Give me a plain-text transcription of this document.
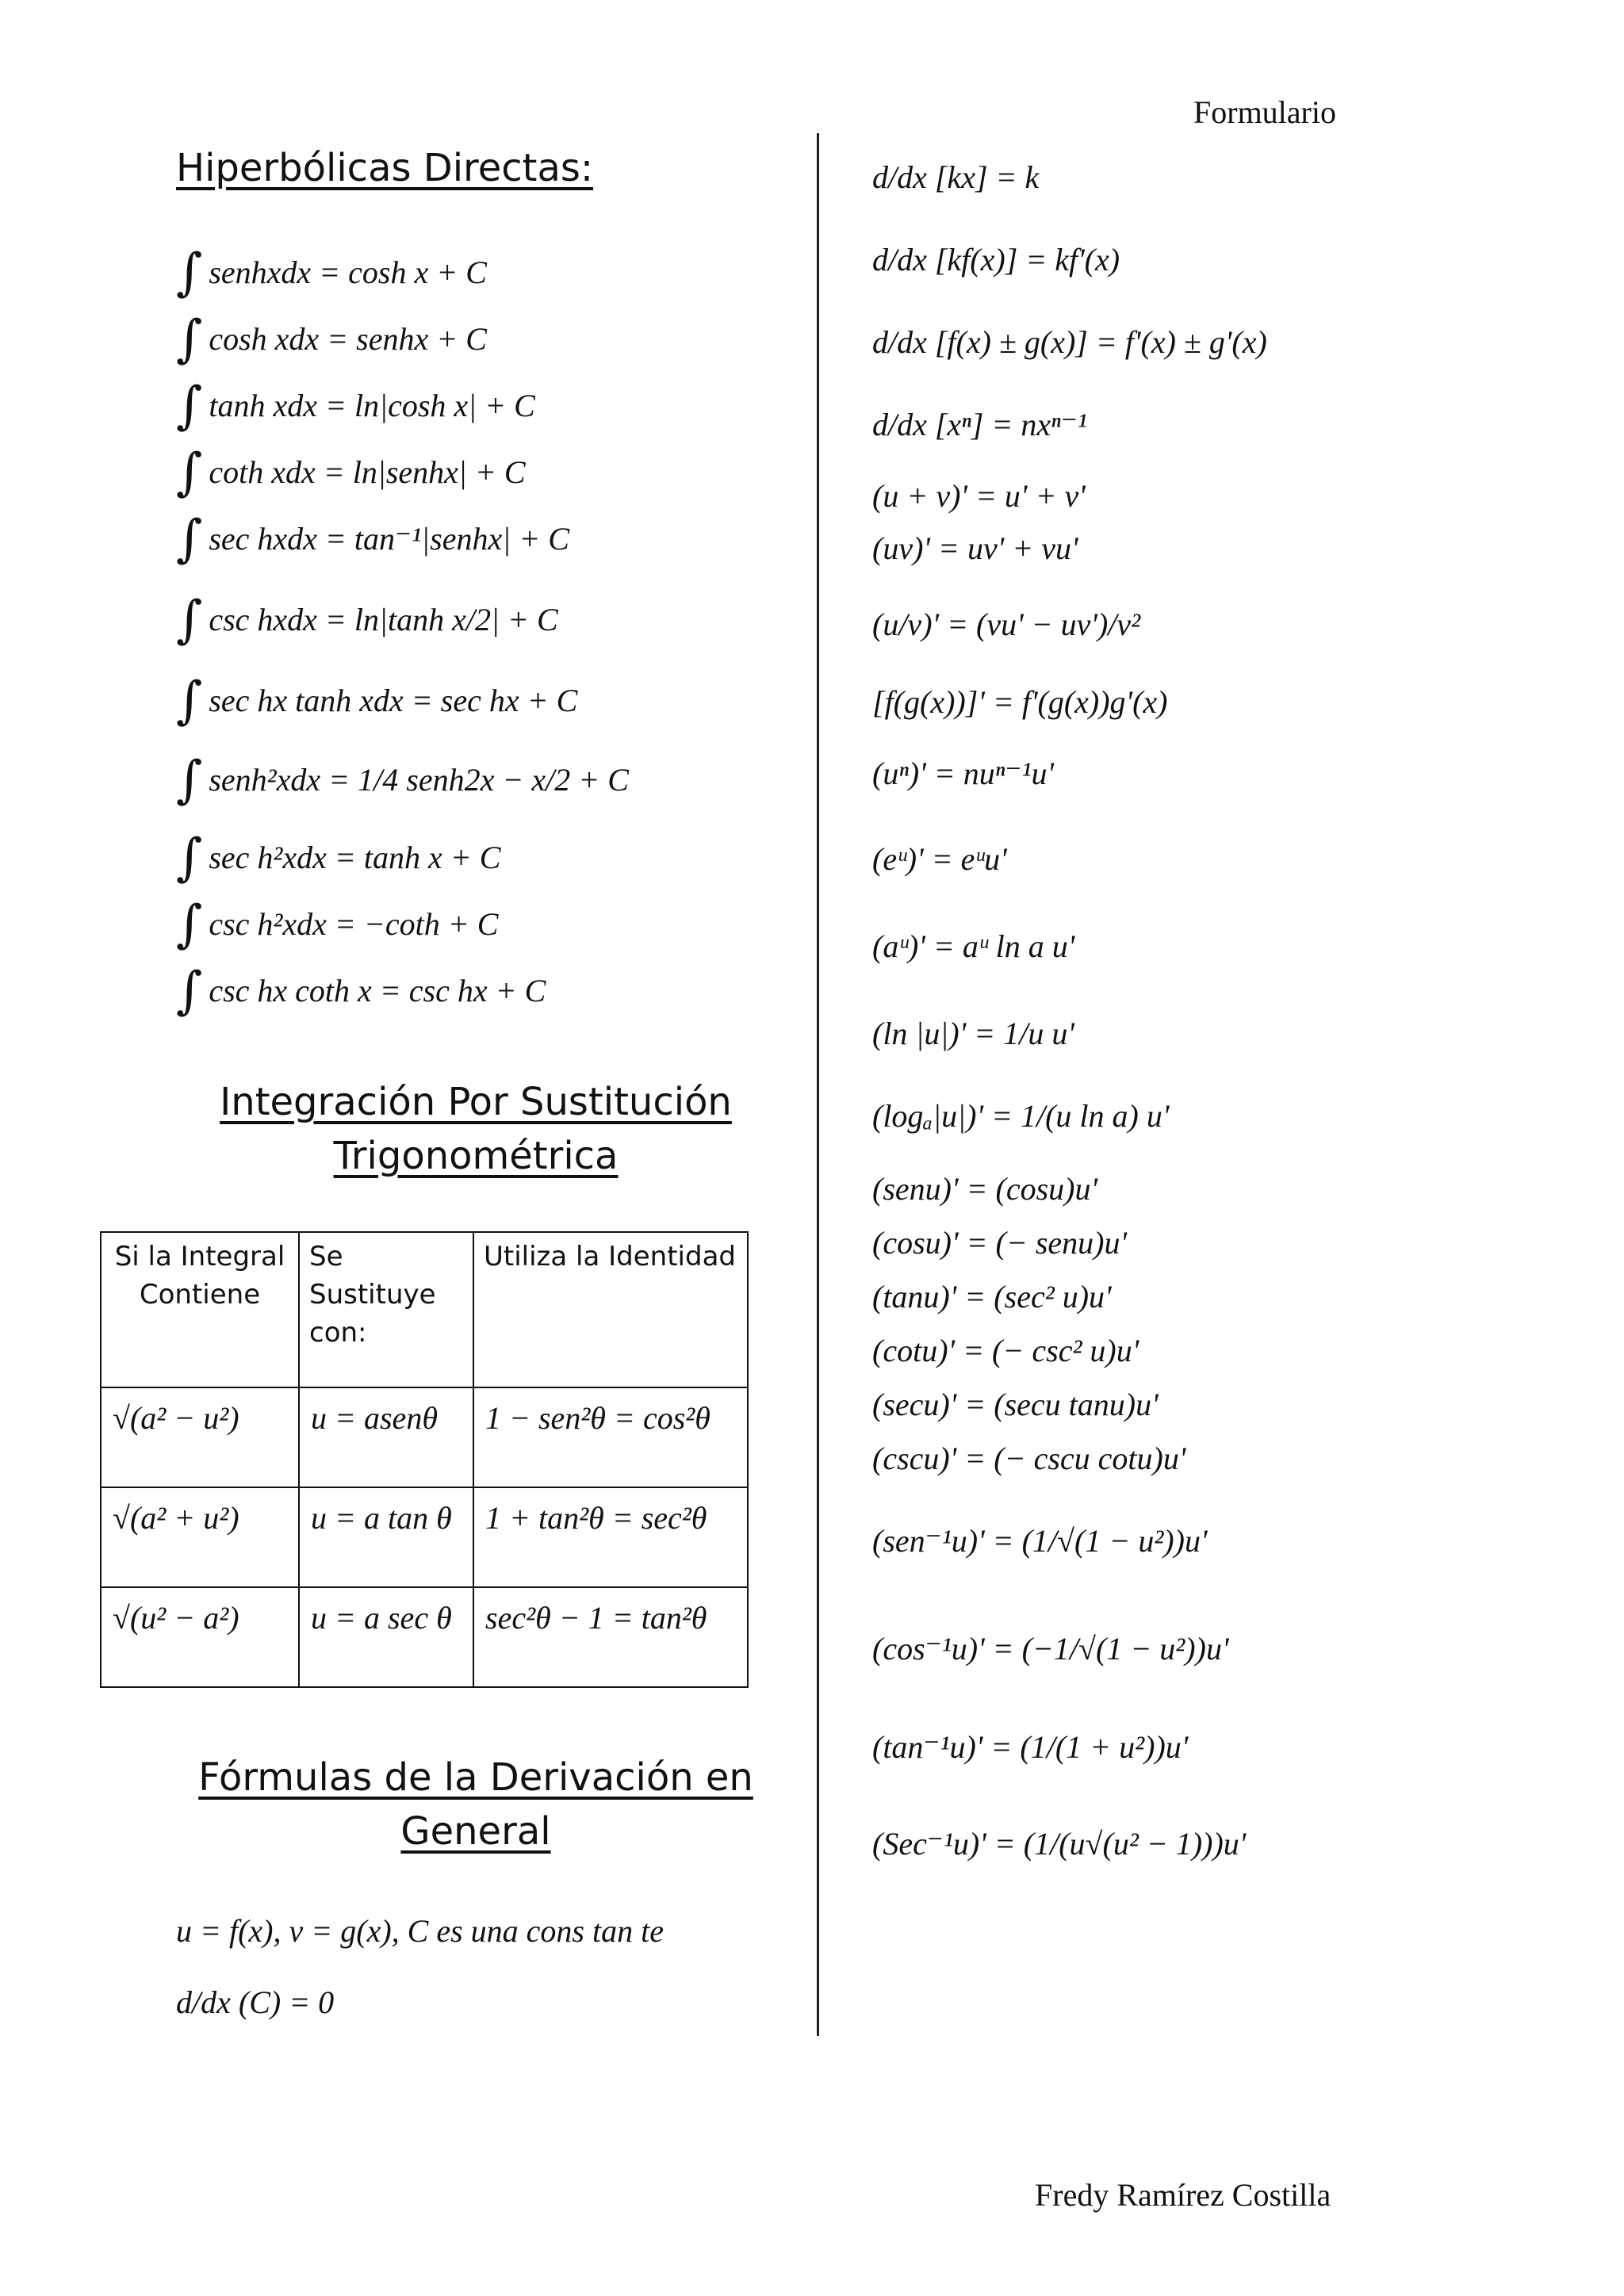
Formulario
Hiperbólicas Directas:
∫ senhxdx = cosh x + C
∫ cosh xdx = senhx + C
∫ tanh xdx = ln|cosh x| + C
∫ coth xdx = ln|senhx| + C
∫ sec hxdx = tan⁻¹|senhx| + C
∫ csc hxdx = ln|tanh x/2| + C
∫ sec hx tanh xdx = sec hx + C
∫ senh²xdx = 1/4 senh2x − x/2 + C
∫ sec h²xdx = tanh x + C
∫ csc h²xdx = −coth + C
∫ csc hx coth x = csc hx + C
Integración Por Sustitución Trigonométrica
Si la Integral Contiene	Se Sustituye con:	Utiliza la Identidad

√(a² − u²)	u = asenθ	1 − sen²θ = cos²θ

√(a² + u²)	u = a tan θ	1 + tan²θ = sec²θ

√(u² − a²)	u = a sec θ	sec²θ − 1 = tan²θ
Fórmulas de la Derivación en General
u = f(x), v = g(x), C es una cons tan te
d/dx (C) = 0
d/dx [kx] = k
d/dx [kf(x)] = kf'(x)
d/dx [f(x) ± g(x)] = f'(x) ± g'(x)
d/dx [xⁿ] = nxⁿ⁻¹
(u + v)' = u' + v'
(uv)' = uv' + vu'
(u/v)' = (vu' − uv')/v²
[f(g(x))]' = f'(g(x))g'(x)
(uⁿ)' = nuⁿ⁻¹u'
(eᵘ)' = eᵘu'
(aᵘ)' = aᵘ ln a u'
(ln |u|)' = 1/u u'
(logₐ|u|)' = 1/(u ln a) u'
(senu)' = (cosu)u'
(cosu)' = (− senu)u'
(tanu)' = (sec² u)u'
(cotu)' = (− csc² u)u'
(secu)' = (secu tanu)u'
(cscu)' = (− cscu cotu)u'
(sen⁻¹u)' = (1/√(1 − u²))u'
(cos⁻¹u)' = (−1/√(1 − u²))u'
(tan⁻¹u)' = (1/(1 + u²))u'
(Sec⁻¹u)' = (1/(u√(u² − 1)))u'
Fredy Ramírez Costilla
